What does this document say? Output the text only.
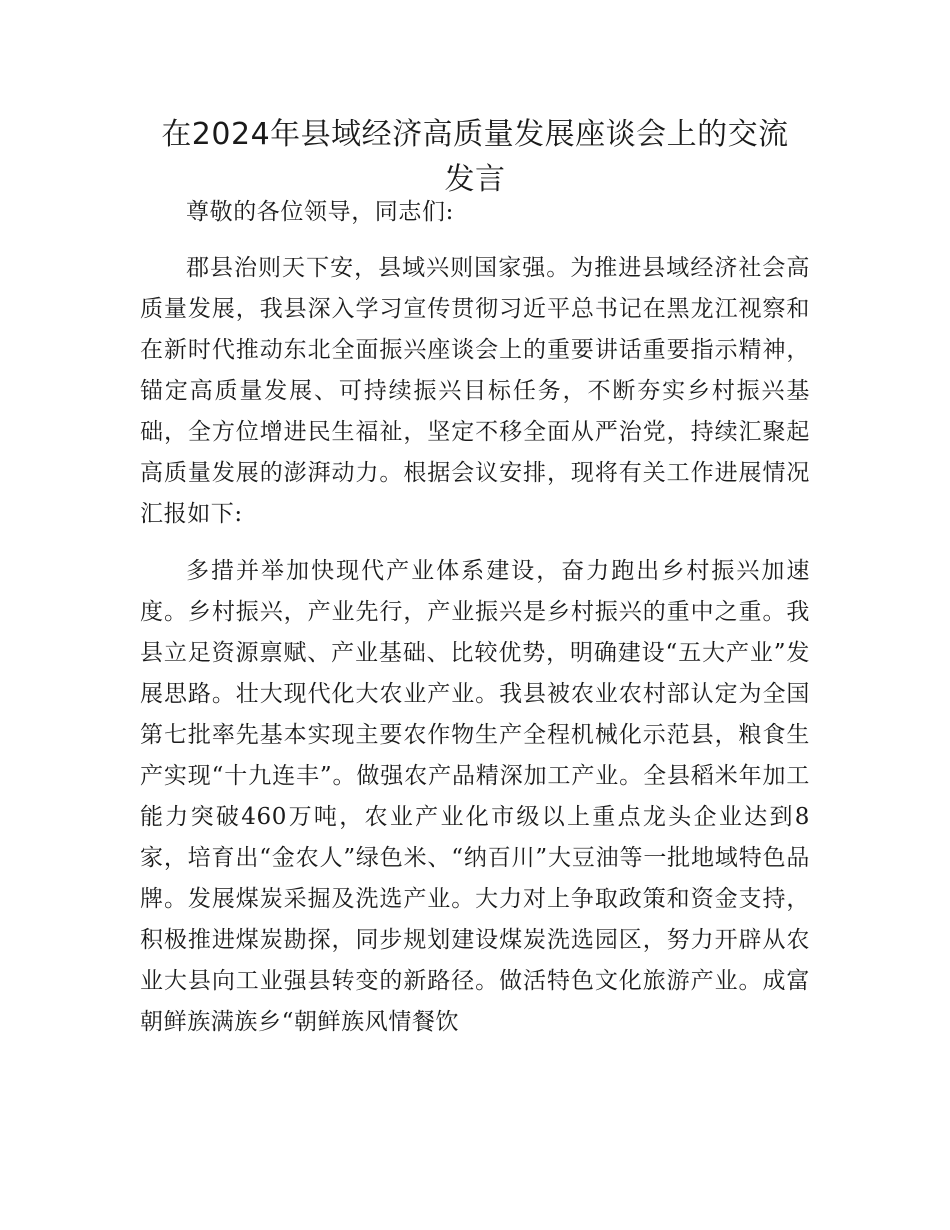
在2024年县域经济高质量发展座谈会上的交流
发言

尊敬的各位领导，同志们:

郡县治则天下安，县域兴则国家强。为推进县域经济社会高质量发展，我县深入学习宣传贯彻习近平总书记在黑龙江视察和在新时代推动东北全面振兴座谈会上的重要讲话重要指示精神，锚定高质量发展、可持续振兴目标任务，不断夯实乡村振兴基础，全方位增进民生福祉，坚定不移全面从严治党，持续汇聚起高质量发展的澎湃动力。根据会议安排，现将有关工作进展情况汇报如下:

多措并举加快现代产业体系建设，奋力跑出乡村振兴加速度。乡村振兴，产业先行，产业振兴是乡村振兴的重中之重。我县立足资源禀赋、产业基础、比较优势，明确建设“五大产业”发展思路。壮大现代化大农业产业。我县被农业农村部认定为全国第七批率先基本实现主要农作物生产全程机械化示范县，粮食生产实现“十九连丰”。做强农产品精深加工产业。全县稻米年加工能力突破460万吨，农业产业化市级以上重点龙头企业达到8家，培育出“金农人”绿色米、“纳百川”大豆油等一批地域特色品牌。发展煤炭采掘及洗选产业。大力对上争取政策和资金支持，积极推进煤炭勘探，同步规划建设煤炭洗选园区，努力开辟从农业大县向工业强县转变的新路径。做活特色文化旅游产业。成富朝鲜族满族乡“朝鲜族风情餐饮
